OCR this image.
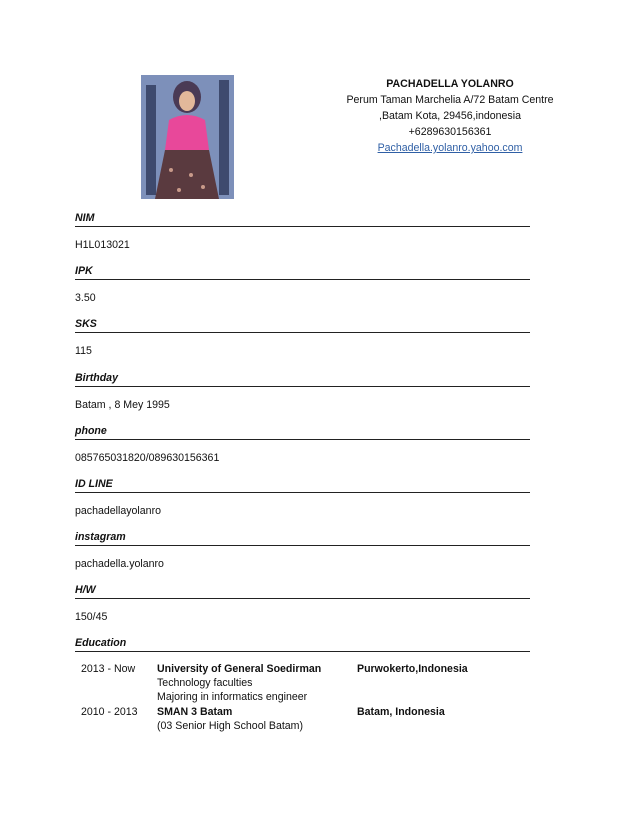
PACHADELLA YOLANRO
Perum Taman Marchelia A/72 Batam Centre
,Batam Kota, 29456,indonesia
+6289630156361
Pachadella.yolanro.yahoo.com
NIM
H1L013021
IPK
3.50
SKS
115
Birthday
Batam , 8 Mey 1995
phone
085765031820/089630156361
ID LINE
pachadellayolanro
instagram
pachadella.yolanro
H/W
150/45
Education
2013 - Now University of General Soedirman
Technology faculties
Majoring in informatics engineer
Purwokerto,Indonesia
2010 - 2013 SMAN 3 Batam
(03 Senior High School Batam)
Batam, Indonesia
